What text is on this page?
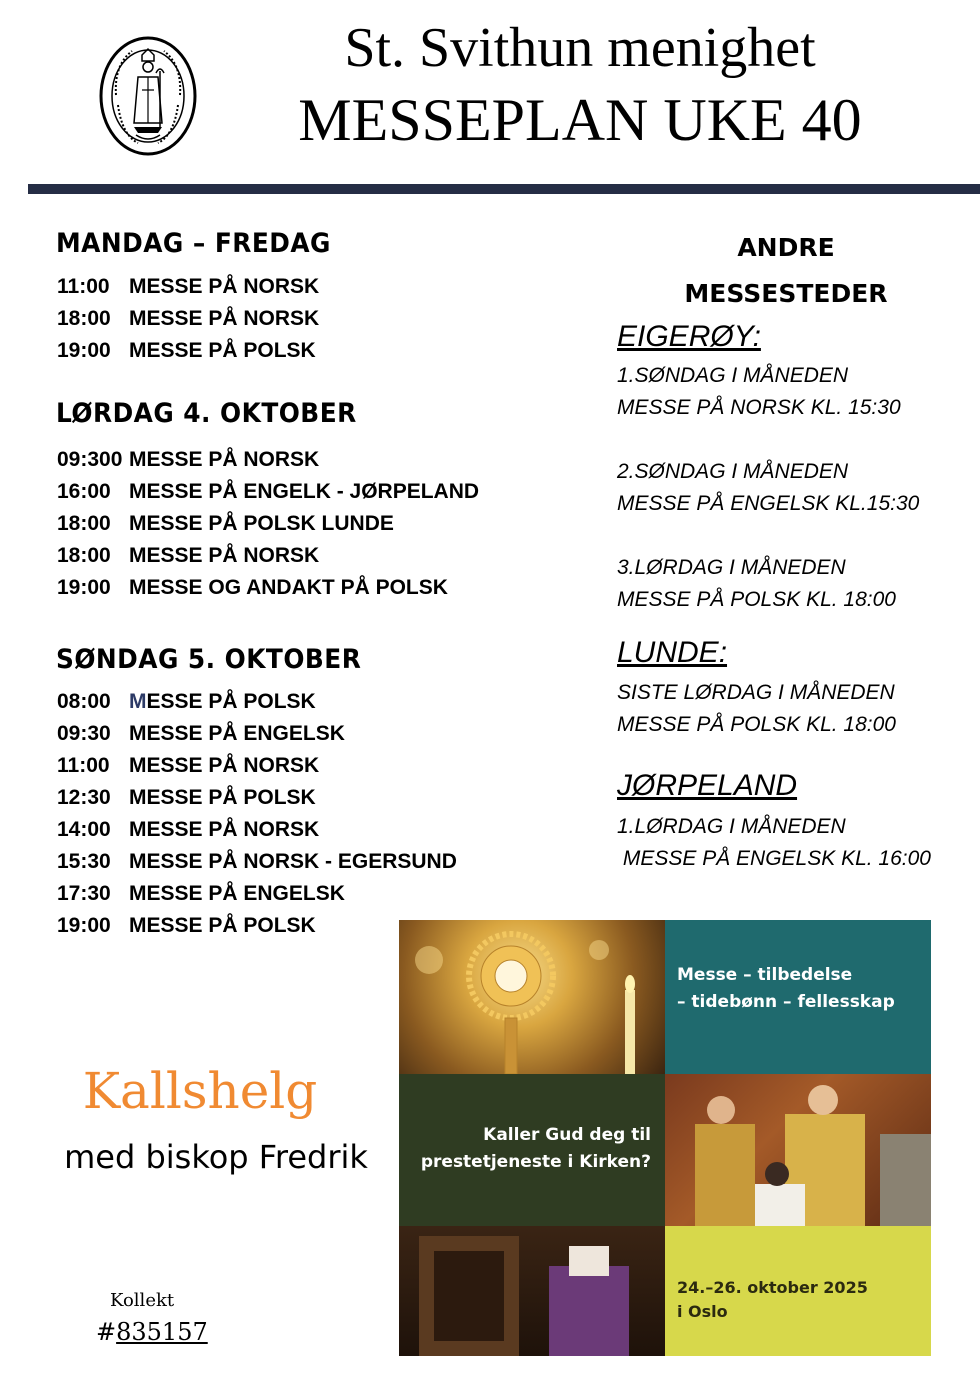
St. Svithun menighet
MESSEPLAN UKE 40
MANDAG – FREDAG
11:00 MESSE PÅ NORSK
18:00 MESSE PÅ NORSK
19:00 MESSE PÅ POLSK
LØRDAG 4. OKTOBER
09:300 MESSE PÅ NORSK
16:00 MESSE PÅ ENGELK - JØRPELAND
18:00 MESSE PÅ POLSK LUNDE
18:00 MESSE PÅ NORSK
19:00 MESSE OG ANDAKT PÅ POLSK
SØNDAG 5. OKTOBER
08:00 MESSE PÅ POLSK
09:30 MESSE PÅ ENGELSK
11:00 MESSE PÅ NORSK
12:30 MESSE PÅ POLSK
14:00 MESSE PÅ NORSK
15:30 MESSE PÅ NORSK - EGERSUND
17:30 MESSE PÅ ENGELSK
19:00 MESSE PÅ POLSK
ANDRE
MESSESTEDER
EIGERØY:
1.SØNDAG I MÅNEDEN
MESSE PÅ NORSK KL. 15:30
2.SØNDAG I MÅNEDEN
MESSE PÅ ENGELSK KL.15:30
3.LØRDAG I MÅNEDEN
MESSE PÅ POLSK KL. 18:00
LUNDE:
SISTE LØRDAG I MÅNEDEN
MESSE PÅ POLSK KL. 18:00
JØRPELAND
1.LØRDAG I MÅNEDEN
MESSE PÅ ENGELSK KL. 16:00
Kallshelg
med biskop Fredrik
Kollekt
#835157
Messe – tilbedelse
– tidebønn – fellesskap
Kaller Gud deg til
prestetjeneste i Kirken?
24.–26. oktober 2025
i Oslo
